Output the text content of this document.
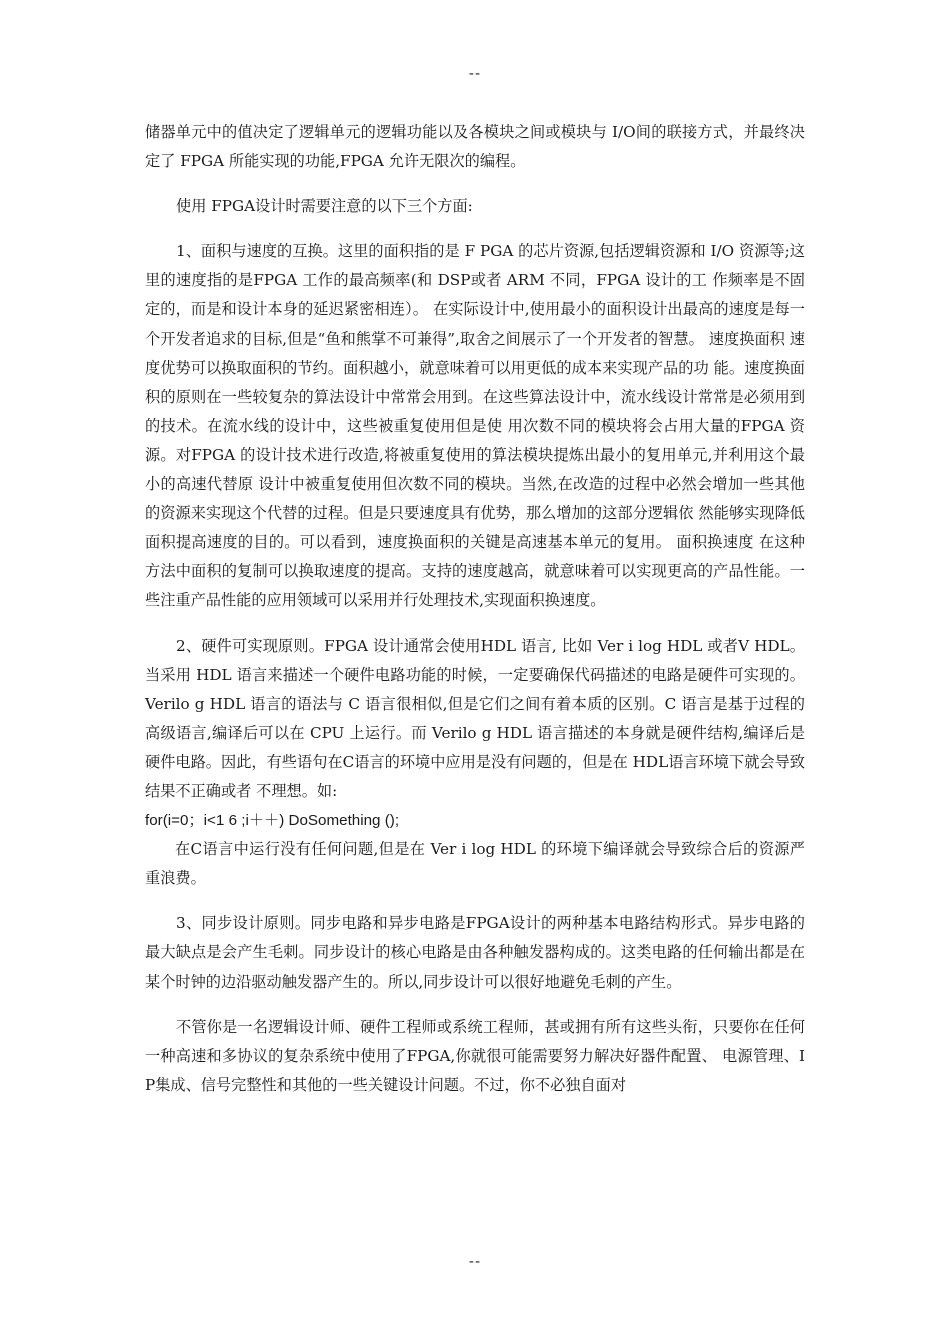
--

储器单元中的值决定了逻辑单元的逻辑功能以及各模块之间或模块与 I/O间的联接方式，并最终决定了 FPGA 所能实现的功能,FPGA 允许无限次的编程。

使用 FPGA设计时需要注意的以下三个方面:

1、面积与速度的互换。这里的面积指的是 F PGA 的芯片资源,包括逻辑资源和 I/O 资源等;这里的速度指的是FPGA 工作的最高频率(和 DSP或者 ARM 不同，FPGA 设计的工 作频率是不固定的，而是和设计本身的延迟紧密相连）。 在实际设计中,使用最小的面积设计出最高的速度是每一个开发者追求的目标,但是“鱼和熊掌不可兼得”,取舍之间展示了一个开发者的智慧。 速度换面积 速度优势可以换取面积的节约。面积越小，就意味着可以用更低的成本来实现产品的功 能。速度换面积的原则在一些较复杂的算法设计中常常会用到。在这些算法设计中，流水线设计常常是必须用到的技术。在流水线的设计中，这些被重复使用但是使 用次数不同的模块将会占用大量的FPGA 资源。对FPGA 的设计技术进行改造,将被重复使用的算法模块提炼出最小的复用单元,并利用这个最小的高速代替原 设计中被重复使用但次数不同的模块。当然,在改造的过程中必然会增加一些其他的资源来实现这个代替的过程。但是只要速度具有优势，那么增加的这部分逻辑依 然能够实现降低面积提高速度的目的。可以看到，速度换面积的关键是高速基本单元的复用。 面积换速度 在这种方法中面积的复制可以换取速度的提高。支持的速度越高，就意味着可以实现更高的产品性能。一些注重产品性能的应用领域可以采用并行处理技术,实现面积换速度。

2、硬件可实现原则。FPGA 设计通常会使用HDL 语言, 比如 Ver i log HDL 或者V HDL。当采用 HDL 语言来描述一个硬件电路功能的时候，一定要确保代码描述的电路是硬件可实现的。 Verilo g HDL 语言的语法与 C 语言很相似,但是它们之间有着本质的区别。C 语言是基于过程的高级语言,编译后可以在 CPU 上运行。而 Verilo g HDL 语言描述的本身就是硬件结构,编译后是硬件电路。因此，有些语句在C语言的环境中应用是没有问题的，但是在 HDL语言环境下就会导致结果不正确或者 不理想。如:

for(i=0；i<1 6 ;i＋＋) DoSomething ();

在C语言中运行没有任何问题,但是在 Ver i log HDL 的环境下编译就会导致综合后的资源严重浪费。

3、同步设计原则。同步电路和异步电路是FPGA设计的两种基本电路结构形式。异步电路的最大缺点是会产生毛刺。同步设计的核心电路是由各种触发器构成的。这类电路的任何输出都是在某个时钟的边沿驱动触发器产生的。所以,同步设计可以很好地避免毛刺的产生。

不管你是一名逻辑设计师、硬件工程师或系统工程师，甚或拥有所有这些头衔，只要你在任何一种高速和多协议的复杂系统中使用了FPGA,你就很可能需要努力解决好器件配置、 电源管理、IP集成、信号完整性和其他的一些关键设计问题。不过，你不必独自面对

--
